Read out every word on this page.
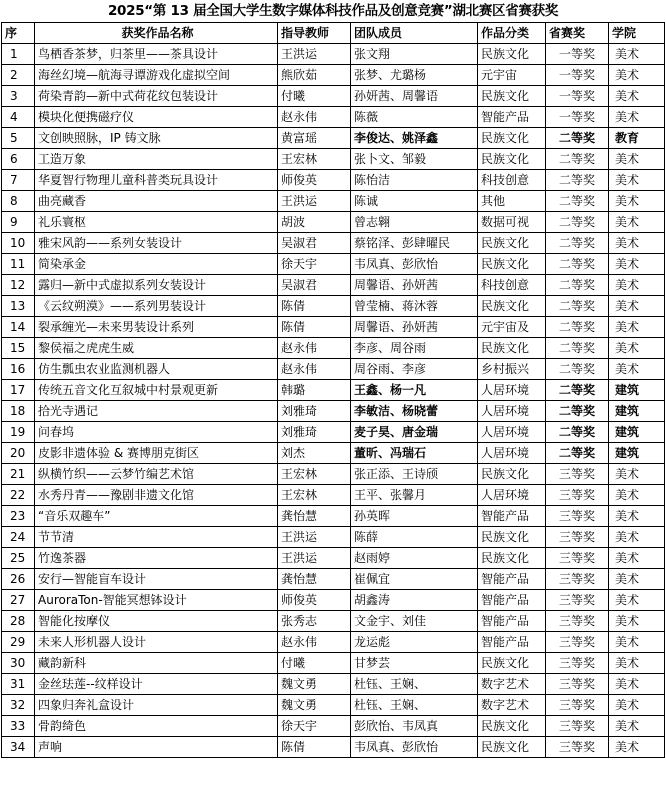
2025“第 13 届全国大学生数字媒体科技作品及创意竞赛”湖北赛区省赛获奖
序	获奖作品名称	指导教师	团队成员	作品分类	省赛奖	学院
1	鸟栖香茶梦，归茶里——茶具设计	王洪运	张文翔	民族文化	一等奖	美术
2	海丝幻境—航海寻谭游戏化虚拟空间	熊欣茹	张梦、尤璐杨	元宇宙	一等奖	美术
3	荷染青韵—新中式荷花纹包装设计	付曦	孙妍茜、周馨语	民族文化	一等奖	美术
4	模块化便携磁疗仪	赵永伟	陈薇	智能产品	一等奖	美术
5	文创映照脉，IP 铸文脉	黄富瑶	李俊达、姚泽鑫	民族文化	二等奖	教育
6	工造万象	王宏林	张卜文、邹毅	民族文化	二等奖	美术
7	华夏智行物理儿童科普类玩具设计	师俊英	陈怡洁	科技创意	二等奖	美术
8	曲亮藏香	王洪运	陈诚	其他	二等奖	美术
9	礼乐寰枢	胡波	曾志翱	数据可视	二等奖	美术
10	雅宋风韵——系列女装设计	吴淑君	蔡铭泽、彭肆曜民	民族文化	二等奖	美术
11	简染承金	徐天宇	韦凤真、彭欣怡	民族文化	二等奖	美术
12	露归—新中式虚拟系列女装设计	吴淑君	周馨语、孙妍茜	科技创意	二等奖	美术
13	《云纹朔漠》——系列男装设计	陈倩	曾莹楠、蒋沐蓉	民族文化	二等奖	美术
14	裂承缠光—未来男装设计系列	陈倩	周馨语、孙妍茜	元宇宙及	二等奖	美术
15	黎侯福之虎虎生威	赵永伟	李彦、周谷雨	民族文化	二等奖	美术
16	仿生瓢虫农业监测机器人	赵永伟	周谷雨、李彦	乡村振兴	二等奖	美术
17	传统五音文化互叙城中村景观更新	韩璐	王鑫、杨一凡	人居环境	二等奖	建筑
18	拾光寺遇记	刘雅琦	李敏洁、杨晓蕾	人居环境	二等奖	建筑
19	问春坞	刘雅琦	麦子昊、唐金瑞	人居环境	二等奖	建筑
20	皮影非遗体验 & 赛博朋克街区	刘杰	董昕、冯瑞石	人居环境	二等奖	建筑
21	纵横竹织——云梦竹编艺术馆	王宏林	张正添、王诗颀	民族文化	三等奖	美术
22	水秀丹青——豫剧非遗文化馆	王宏林	王平、张馨月	人居环境	三等奖	美术
23	“音乐双趣车”	龚怡慧	孙英晖	智能产品	三等奖	美术
24	节节清	王洪运	陈薛	民族文化	三等奖	美术
25	竹逸茶器	王洪运	赵雨婷	民族文化	三等奖	美术
26	安行—智能盲车设计	龚怡慧	崔佩宜	智能产品	三等奖	美术
27	AuroraTon-智能冥想钵设计	师俊英	胡鑫涛	智能产品	三等奖	美术
28	智能化按摩仪	张秀志	文金宇、刘佳	智能产品	三等奖	美术
29	未来人形机器人设计	赵永伟	龙运彪	智能产品	三等奖	美术
30	藏韵新科	付曦	甘梦芸	民族文化	三等奖	美术
31	金丝珐莲--纹样设计	魏文勇	杜钰、王娴、	数字艺术	三等奖	美术
32	四象归奔礼盒设计	魏文勇	杜钰、王娴、	数字艺术	三等奖	美术
33	骨韵绮色	徐天宇	彭欣怡、韦凤真	民族文化	三等奖	美术
34	声响	陈倩	韦凤真、彭欣怡	民族文化	三等奖	美术
